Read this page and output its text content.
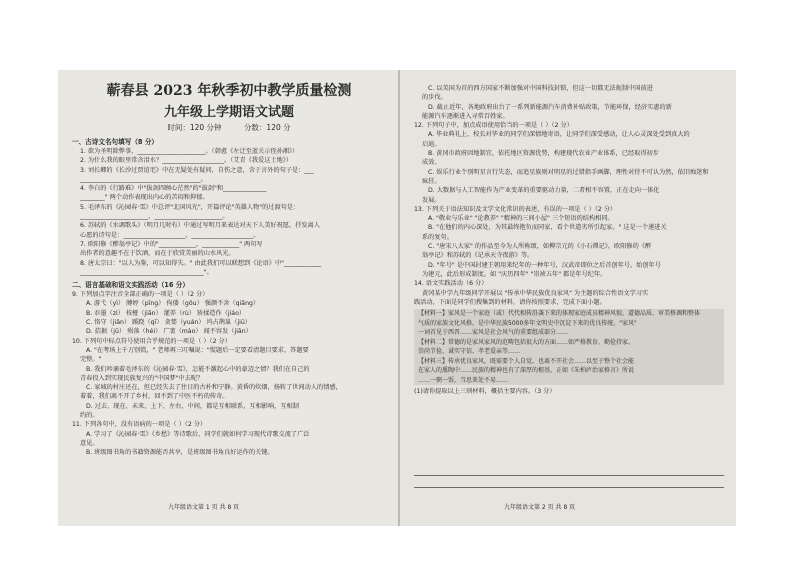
蕲春县 2023 年秋季初中教学质量检测
九年级上学期语文试题
时间：120 分钟	分数：120 分
一、古诗文名句填写（8 分）
1. 欲为圣明除弊事，______________________。（韩愈《左迁至蓝关示侄孙湘》）
2. 为什么我的眼里常含泪水？____________________。（艾青《我爱这土地》）
3. 刘长卿的《长沙过贾谊宅》中在无疑处有疑问，自伤之意，含于言外的句子是：___
_______________________________________。
4. 李白的《行路难》中"拔剑四顾心茫然"的"拔剑"和______________
________" 两个动作表现出内心的苦闷和抑郁。
5. 毛泽东的《沁园春·雪》中总评"北国风光"，开篇评论"英雄人物"的过渡句是：
______________________，______________________。
6. 苏轼的《水调歌头》（明月几时有）中通过写明月来表达对天下人美好祝愿，抒发离人
心愿的诗句是：____________________，____________________。
7. 欧阳修《醉翁亭记》中的"____________，____________" 两句写
出作者的意趣不在于饮酒，而在于欣赏美丽的山水风光。
8. 唐太宗曰："以人为鉴，可以知得失。" 由此我们可以联想到《论语》中"____________
________________________________________"。
二、语言基础和语文实践活动（16 分）
9. 下列加点字注音全部正确的一项是（ ）（2 分）
A. 游弋（yì） 膊婷（pīng） 佝偻（gōu） 强颜不舍（qiǎng）
B. 忝墨（zì） 枝桠（jiān） 灌养（rù） 矫揉造作（jiáo）
C. 恪守（jiǎn） 蹊跷（qī） 贪婪（yuán） 坞占鹊巢（jiū）
D. 拮据（jū） 殒落（héi） 广袤（mào） 闻不容发（jiān）
10. 下列句中标点符号使用合乎规范的一项是（ ）（2 分）
A. "在考场上千万别慌，" 老师再三叮嘱说："慌题后一定要看清题目要求，答题要
完整。"
B. 我们吟诵着毛泽东的《沁园春·雪》，怎能不激起心中的豪迈之情？我们在自己的
青春投入到实现民族复兴的"中国梦"中去呢？
C. 家城的村庄还在，但已经失去了往日的古朴和宁静。黄昏的炊烟，扬转了世间动人的情感，
着着，我们离不开了乡村，回不到了中医不朽的传奇。
D. 过去、现在、未来，上下、左右，中间，都是互相联系，互相影响，互相制
约的。
11. 下列各句中，没有语病的一项是（ ）（2 分）
A. 学习了《沁园春·雪》《乡愁》等诗歌后，同学们就如何学习现代诗歌交流了广泛
意见。
B. 班级图书角的书籍资源能否共享，是班级图书角良好运作的关键。
九年级语文第 1 页 共 8 页
C. 以美国为首的西方国家不断加强对中国科技封锁，但这一切都无法扼制中国前进
的步伐。
D. 截止近年，各地政府出台了一系列新能源汽车消费补贴政策，节能环保，经济实惠的新
能源汽车逐渐进入寻常百姓家。
12. 下列句子中，加点成语使用恰当的一项是（ ）（2 分）
A. 毕业典礼上，校长对毕业的同学们深情地寄语，让同学们深受感动，让人心灵深处受到真大的
启迪。
B. 黄冈市政府因地制宜，依托地区资源优势，构建现代农业产业体系，已经取得初步
成效。
C. 娱乐行业个别明星言行失态，而追星族则对明星的过错指手画脚，理性对待不可认为然，依旧痴迷和
疯狂。
D. 大数据与人工智能作为产业变革的重要驱动力量，二者相不容置，正在走向一体化
发展。
13. 下列关于语法知识及文学文化常识的表述，有误的一项是（ ）（2 分）
A. "敬业与乐业" "论教养" "精神的三间小屋" 三个短语的结构相同。
B. "在他们的内心深处，为其最终抱负而同家，看个世道劣所引起家。" 这是一个递进关
系的复句。
C. "唐宋八大家" 的作品至今为人所称颂，如柳宗元的《小石潭记》，欧阳修的《醉
翁亭记》和苏轼的《记承天寺夜游》等。
D. "年号" 是中国封建王朝用来纪年的一种年号，汉武帝即位之后首创年号，始创年号
为建元，此后形成制度。如 "庆历四年" "崇祯五年" 都是年号纪年。
14. 语文实践活动（6 分）
黄冈某中学九年级同学开展以 "传承中华民族优良家风" 为主题的综合性语文学习实
践活动，下面是同学们搜集到的材料，请你按照要求，完成下面小题。
【材料一】家风是一个家庭（或）代代相传沿袭下来的体现家庭成员精神风貌、道德品质、审美格调和整体
气质的家族文化风格，是中华民族5000多年文明史中沉淀下来的优良传统。"家风"
一词首见于西晋……家风是社会风气的重要组成部分……
【材料二】常德的是家风家风的范畴包括很大的方面……如严格教育、勤俭持家、
崇尚节俭、诚实守信、孝老爱亲等……
【材料三】传承优良家风，既需要个人自觉，也离不开社会……以至于整个社会能
在家人的熏陶中……民族的精神也有了深厚的根基，正如《朱柏庐治家格言》所说
……一粥一饭，当思来处不易……
(1)请你提取以上三则材料，概括主要内容。（3 分）
九年级语文第 2 页 共 8 页
